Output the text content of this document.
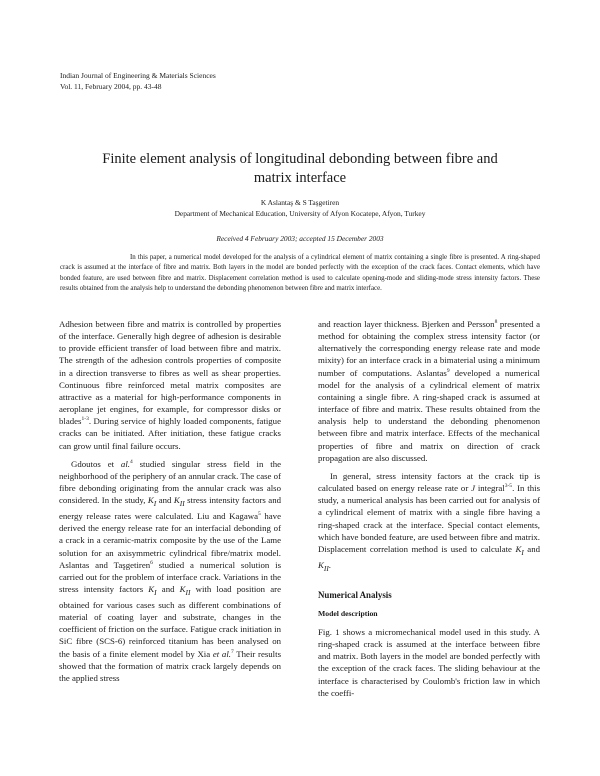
Indian Journal of Engineering & Materials Sciences
Vol. 11, February 2004, pp. 43-48
Finite element analysis of longitudinal debonding between fibre and
matrix interface
K Aslantaş & S Taşgetiren
Department of Mechanical Education, University of Afyon Kocatepe, Afyon, Turkey
Received 4 February 2003; accepted 15 December 2003
In this paper, a numerical model developed for the analysis of a cylindrical element of matrix containing a single fibre is presented. A ring-shaped crack is assumed at the interface of fibre and matrix. Both layers in the model are bonded perfectly with the exception of the crack faces. Contact elements, which have bonded feature, are used between fibre and matrix. Displacement correlation method is used to calculate opening-mode and sliding-mode stress intensity factors. These results obtained from the analysis help to understand the debonding phenomenon between fibre and matrix interface.

Adhesion between fibre and matrix is controlled by properties of the interface. Generally high degree of adhesion is desirable to provide efficient transfer of load between fibre and matrix. The strength of the adhesion controls properties of composite in a direction transverse to fibres as well as shear properties. Continuous fibre reinforced metal matrix composites are attractive as a material for high-performance components in aeroplane jet engines, for example, for compressor disks or blades$^{1-3}$. During service of highly loaded components, fatigue cracks can be initiated. After initiation, these fatigue cracks can grow until final failure occurs.

Gdoutos et al.$^4$ studied singular stress field in the neighborhood of the periphery of an annular crack. The case of fibre debonding originating from the annular crack was also considered. In the study, $K_I$ and $K_{II}$ stress intensity factors and energy release rates were calculated. Liu and Kagawa$^5$ have derived the energy release rate for an interfacial debonding of a crack in a ceramic-matrix composite by the use of the Lame solution for an axisymmetric cylindrical fibre/matrix model. Aslantas and Taşgetiren$^6$ studied a numerical solution is carried out for the problem of interface crack. Variations in the stress intensity factors $K_I$ and $K_{II}$ with load position are obtained for various cases such as different combinations of material of coating layer and substrate, changes in the coefficient of friction on the surface. Fatigue crack initiation in SiC fibre (SCS-6) reinforced titanium has been analysed on the basis of a finite element model by Xia et al.$^7$ Their results showed that the formation of matrix crack largely depends on the applied stress

and reaction layer thickness. Bjerken and Persson$^8$ presented a method for obtaining the complex stress intensity factor (or alternatively the corresponding energy release rate and mode mixity) for an interface crack in a bimaterial using a minimum number of computations. Aslantas$^9$ developed a numerical model for the analysis of a cylindrical element of matrix containing a single fibre. A ring-shaped crack is assumed at interface of fibre and matrix. These results obtained from the analysis help to understand the debonding phenomenon between fibre and matrix interface. Effects of the mechanical properties of fibre and matrix on direction of crack propagation are also discussed.

In general, stress intensity factors at the crack tip is calculated based on energy release rate or J integral$^{3-5}$. In this study, a numerical analysis has been carried out for analysis of a cylindrical element of matrix with a single fibre having a ring-shaped crack at the interface. Special contact elements, which have bonded feature, are used between fibre and matrix. Displacement correlation method is used to calculate $K_I$ and $K_{II}$.

Numerical Analysis

Model description

Fig. 1 shows a micromechanical model used in this study. A ring-shaped crack is assumed at the interface between fibre and matrix. Both layers in the model are bonded perfectly with the exception of the crack faces. The sliding behaviour at the interface is characterised by Coulomb's friction law in which the coeffi-
